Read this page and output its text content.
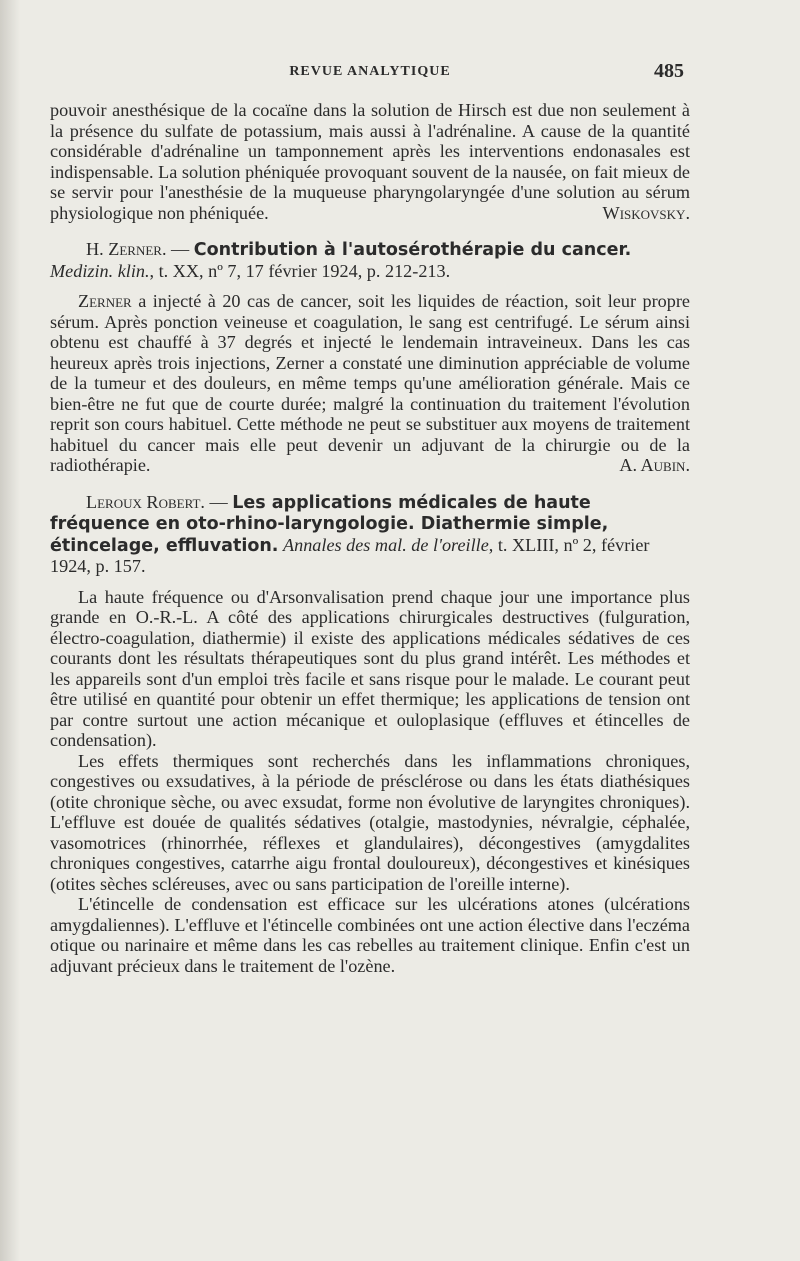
REVUE ANALYTIQUE	485

pouvoir anesthésique de la cocaïne dans la solution de Hirsch est due non seulement à la présence du sulfate de potassium, mais aussi à l'adrénaline. A cause de la quantité considérable d'adrénaline un tamponnement après les interventions endonasales est indispensable. La solution phéniquée provoquant souvent de la nausée, on fait mieux de se servir pour l'anesthésie de la muqueuse pharyngolaryngée d'une solution au sérum physiologique non phéniquée.	Wiskovsky.

H. Zerner. — Contribution à l'autosérothérapie du cancer.
Medizin. klin., t. XX, nº 7, 17 février 1924, p. 212-213.

Zerner a injecté à 20 cas de cancer, soit les liquides de réaction, soit leur propre sérum. Après ponction veineuse et coagulation, le sang est centrifugé. Le sérum ainsi obtenu est chauffé à 37 degrés et injecté le lendemain intraveineux. Dans les cas heureux après trois injections, Zerner a constaté une diminution appréciable de volume de la tumeur et des douleurs, en même temps qu'une amélioration générale. Mais ce bien-être ne fut que de courte durée; malgré la continuation du traitement l'évolution reprit son cours habituel. Cette méthode ne peut se substituer aux moyens de traitement habituel du cancer mais elle peut devenir un adjuvant de la chirurgie ou de la radiothérapie.	A. Aubin.

Leroux Robert. — Les applications médicales de haute fréquence en oto-rhino-laryngologie. Diathermie simple, étincelage, effluvation. Annales des mal. de l'oreille, t. XLIII, nº 2, février 1924, p. 157.

La haute fréquence ou d'Arsonvalisation prend chaque jour une importance plus grande en O.-R.-L. A côté des applications chirurgicales destructives (fulguration, électro-coagulation, diathermie) il existe des applications médicales sédatives de ces courants dont les résultats thérapeutiques sont du plus grand intérêt. Les méthodes et les appareils sont d'un emploi très facile et sans risque pour le malade. Le courant peut être utilisé en quantité pour obtenir un effet thermique; les applications de tension ont par contre surtout une action mécanique et ouloplasique (effluves et étincelles de condensation).

Les effets thermiques sont recherchés dans les inflammations chroniques, congestives ou exsudatives, à la période de présclérose ou dans les états diathésiques (otite chronique sèche, ou avec exsudat, forme non évolutive de laryngites chroniques). L'effluve est douée de qualités sédatives (otalgie, mastodynies, névralgie, céphalée, vasomotrices (rhinorrhée, réflexes et glandulaires), décongestives (amygdalites chroniques congestives, catarrhe aigu frontal douloureux), décongestives et kinésiques (otites sèches scléreuses, avec ou sans participation de l'oreille interne).

L'étincelle de condensation est efficace sur les ulcérations atones (ulcérations amygdaliennes). L'effluve et l'étincelle combinées ont une action élective dans l'eczéma otique ou narinaire et même dans les cas rebelles au traitement clinique. Enfin c'est un adjuvant précieux dans le traitement de l'ozène.
